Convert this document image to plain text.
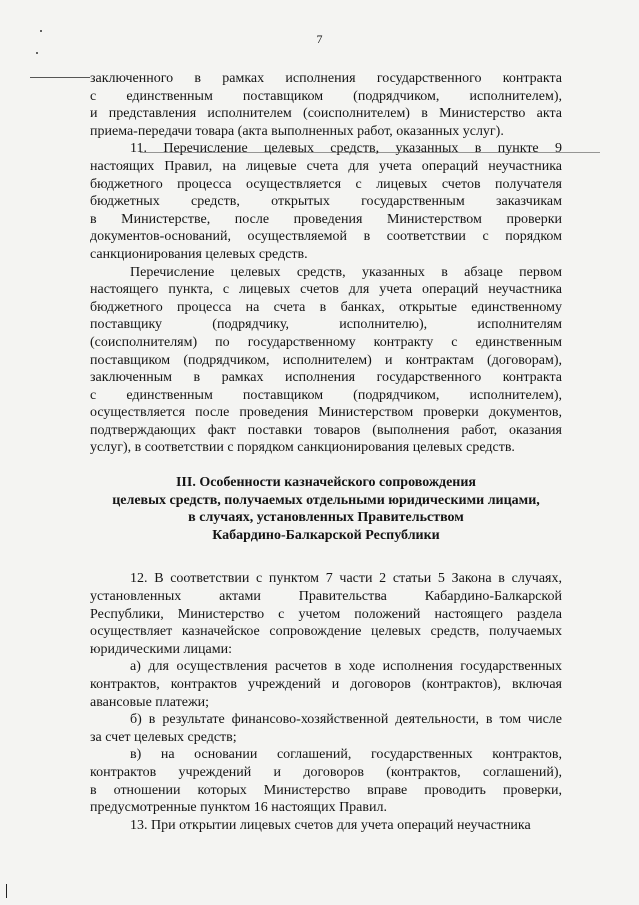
7
заключенного в рамках исполнения государственного контракта
с единственным поставщиком (подрядчиком, исполнителем),
и представления исполнителем (соисполнителем) в Министерство акта
приема-передачи товара (акта выполненных работ, оказанных услуг).
11. Перечисление целевых средств, указанных в пункте 9
настоящих Правил, на лицевые счета для учета операций неучастника
бюджетного процесса осуществляется с лицевых счетов получателя
бюджетных средств, открытых государственным заказчикам
в Министерстве, после проведения Министерством проверки
документов-оснований, осуществляемой в соответствии с порядком
санкционирования целевых средств.
Перечисление целевых средств, указанных в абзаце первом
настоящего пункта, с лицевых счетов для учета операций неучастника
бюджетного процесса на счета в банках, открытые единственному
поставщику (подрядчику, исполнителю), исполнителям
(соисполнителям) по государственному контракту с единственным
поставщиком (подрядчиком, исполнителем) и контрактам (договорам),
заключенным в рамках исполнения государственного контракта
с единственным поставщиком (подрядчиком, исполнителем),
осуществляется после проведения Министерством проверки документов,
подтверждающих факт поставки товаров (выполнения работ, оказания
услуг), в соответствии с порядком санкционирования целевых средств.
III. Особенности казначейского сопровождения
целевых средств, получаемых отдельными юридическими лицами,
в случаях, установленных Правительством
Кабардино-Балкарской Республики
12. В соответствии с пунктом 7 части 2 статьи 5 Закона в случаях,
установленных актами Правительства Кабардино-Балкарской
Республики, Министерство с учетом положений настоящего раздела
осуществляет казначейское сопровождение целевых средств, получаемых
юридическими лицами:
а) для осуществления расчетов в ходе исполнения государственных
контрактов, контрактов учреждений и договоров (контрактов), включая
авансовые платежи;
б) в результате финансово-хозяйственной деятельности, в том числе
за счет целевых средств;
в) на основании соглашений, государственных контрактов,
контрактов учреждений и договоров (контрактов, соглашений),
в отношении которых Министерство вправе проводить проверки,
предусмотренные пунктом 16 настоящих Правил.
13. При открытии лицевых счетов для учета операций неучастника
